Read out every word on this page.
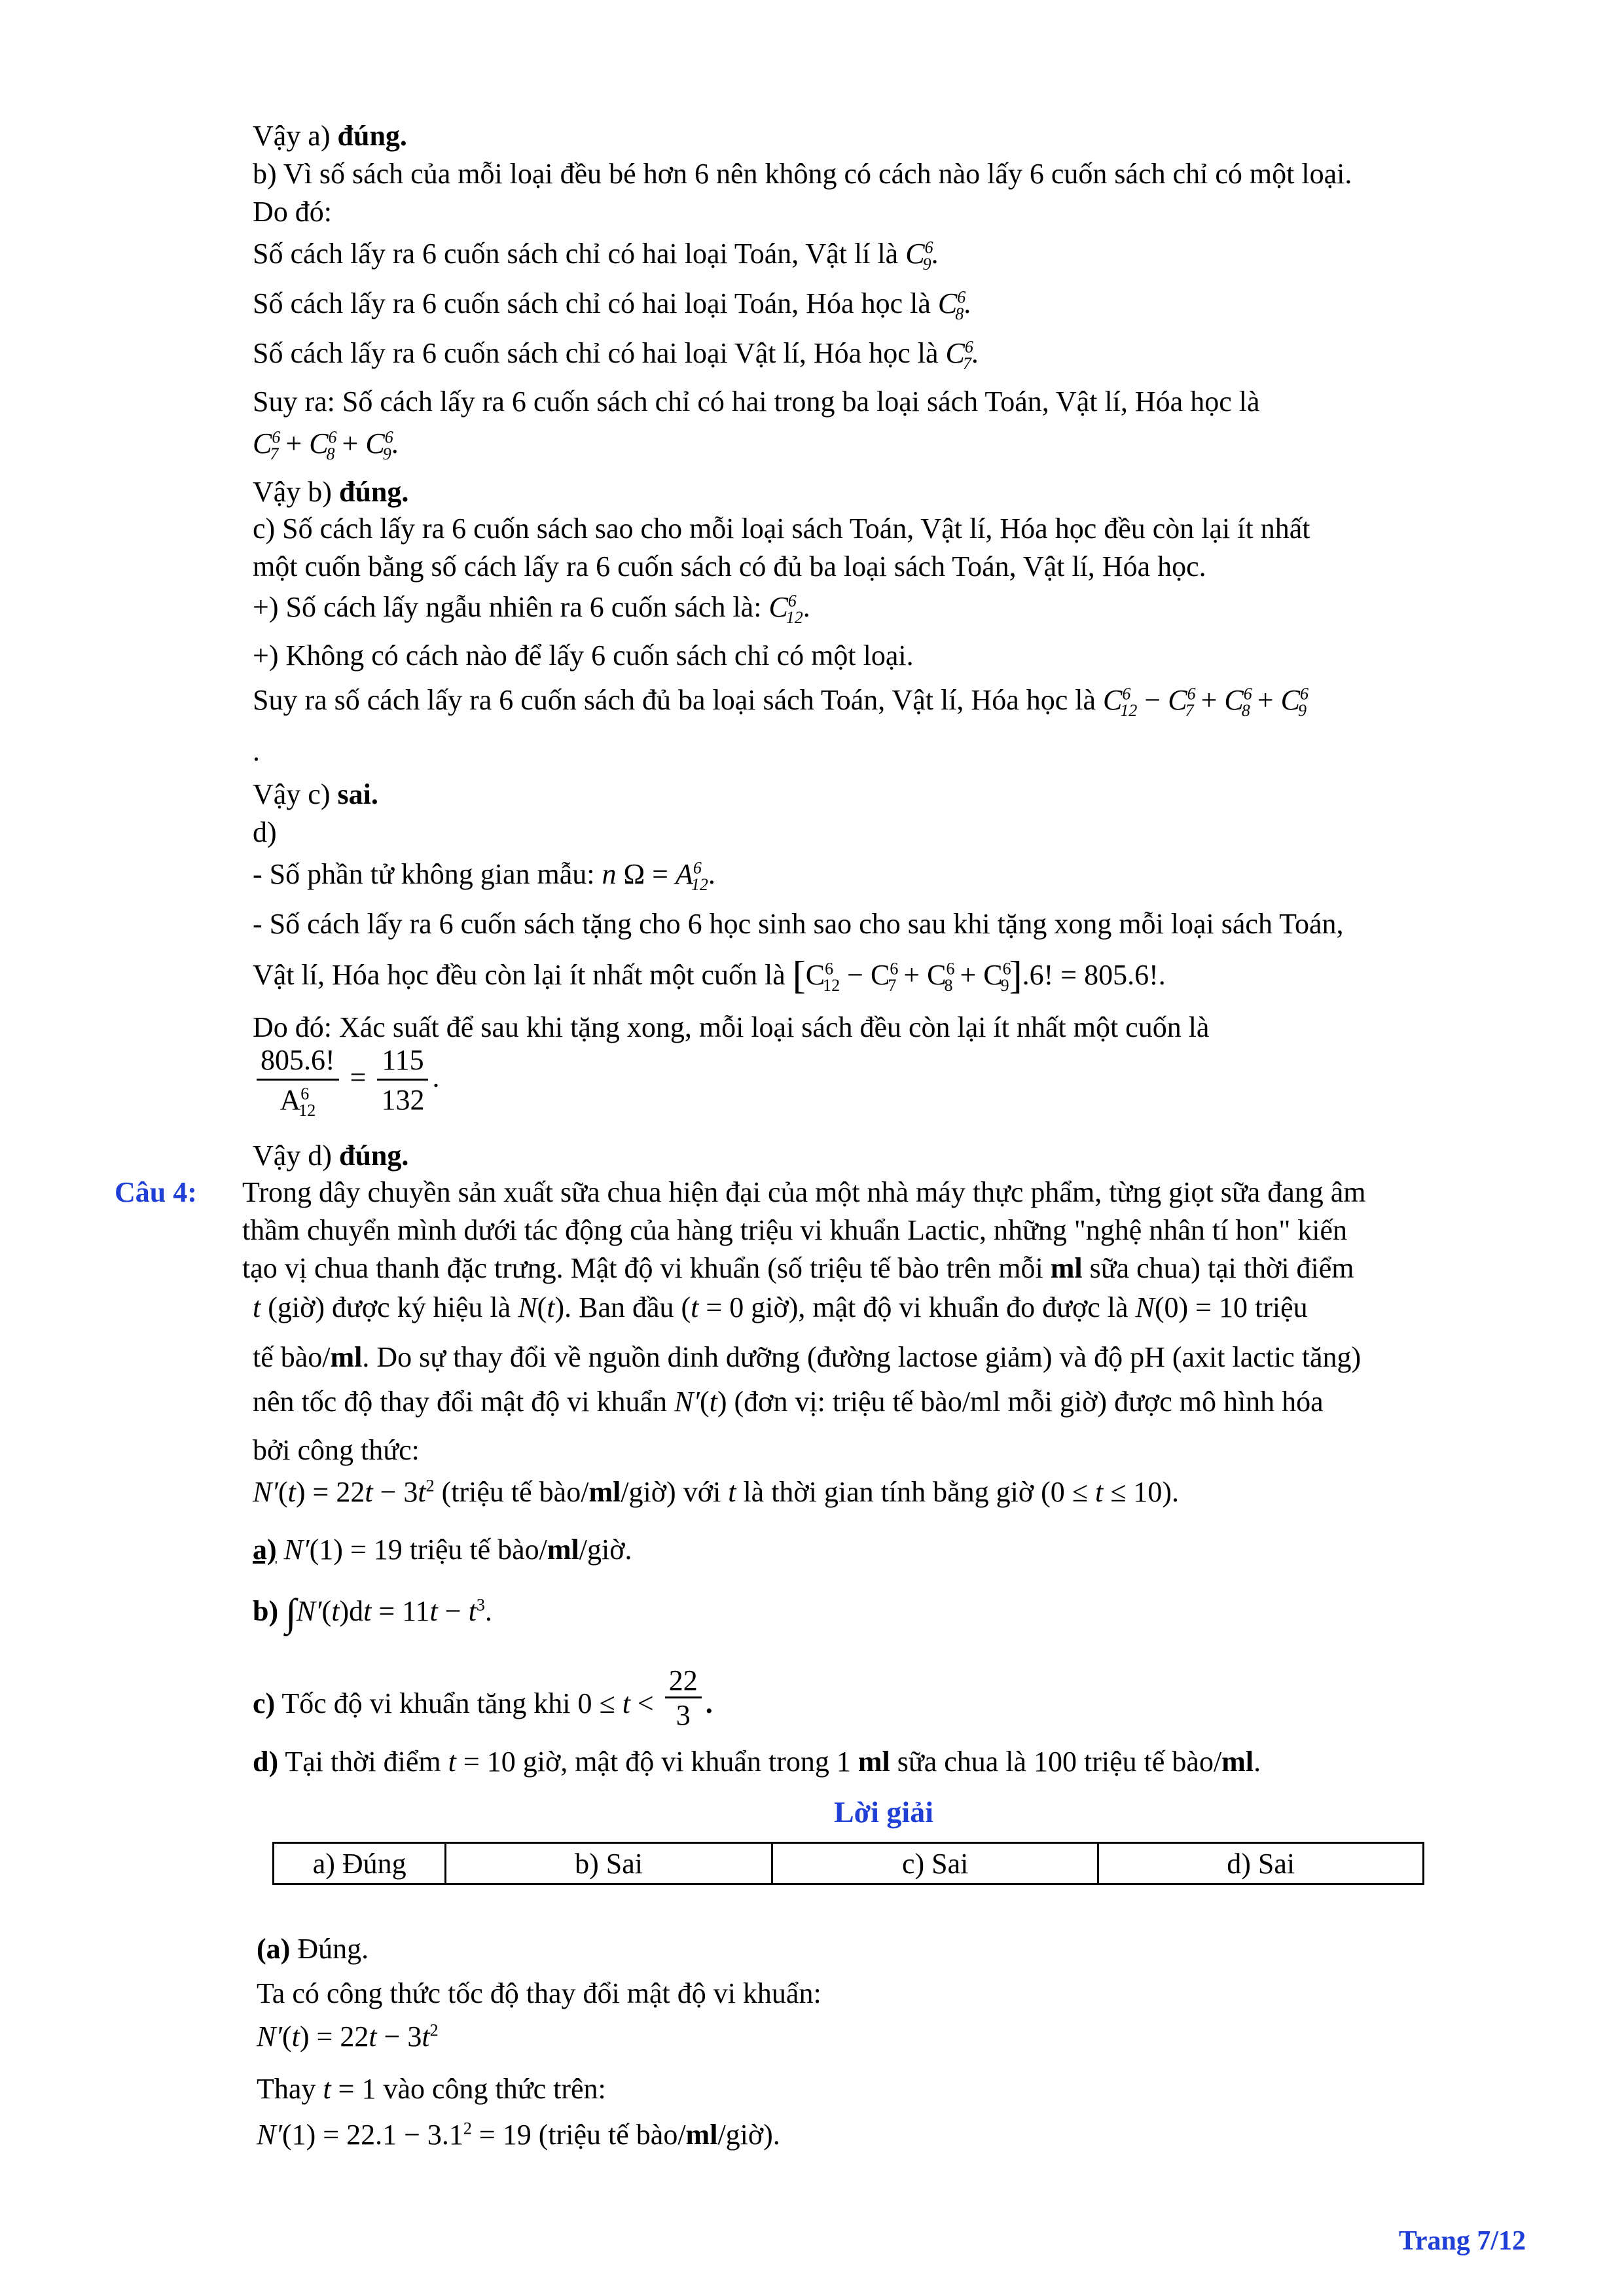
Vậy a) đúng.
b) Vì số sách của mỗi loại đều bé hơn 6 nên không có cách nào lấy 6 cuốn sách chỉ có một loại.
Do đó:
Số cách lấy ra 6 cuốn sách chỉ có hai loại Toán, Vật lí là $C^6_9$.
Số cách lấy ra 6 cuốn sách chỉ có hai loại Toán, Hóa học là $C^6_8$.
Số cách lấy ra 6 cuốn sách chỉ có hai loại Vật lí, Hóa học là $C^6_7$.
Suy ra: Số cách lấy ra 6 cuốn sách chỉ có hai trong ba loại sách Toán, Vật lí, Hóa học là
$C^6_7 + C^6_8 + C^6_9$.
Vậy b) đúng.
c) Số cách lấy ra 6 cuốn sách sao cho mỗi loại sách Toán, Vật lí, Hóa học đều còn lại ít nhất
một cuốn bằng số cách lấy ra 6 cuốn sách có đủ ba loại sách Toán, Vật lí, Hóa học.
+) Số cách lấy ngẫu nhiên ra 6 cuốn sách là: $C^6_{12}$.
+) Không có cách nào để lấy 6 cuốn sách chỉ có một loại.
Suy ra số cách lấy ra 6 cuốn sách đủ ba loại sách Toán, Vật lí, Hóa học là $C^6_{12} - C^6_7 + C^6_8 + C^6_9$
.
Vậy c) sai.
d)
- Số phần tử không gian mẫu: n $\Omega = A^6_{12}$.
- Số cách lấy ra 6 cuốn sách tặng cho 6 học sinh sao cho sau khi tặng xong mỗi loại sách Toán,
Vật lí, Hóa học đều còn lại ít nhất một cuốn là $[C^6_{12} - C^6_7 + C^6_8 + C^6_9].6$! = 805.6!.
Do đó: Xác suất để sau khi tặng xong, mỗi loại sách đều còn lại ít nhất một cuốn là
$\frac{805.6!}{A^6_{12}} = \frac{115}{132}$ .
Vậy d) đúng.
Câu 4: Trong dây chuyền sản xuất sữa chua hiện đại của một nhà máy thực phẩm, từng giọt sữa đang âm
thầm chuyển mình dưới tác động của hàng triệu vi khuẩn Lactic, những "nghệ nhân tí hon" kiến
tạo vị chua thanh đặc trưng. Mật độ vi khuẩn (số triệu tế bào trên mỗi ml sữa chua) tại thời điểm
t (giờ) được ký hiệu là N(t). Ban đầu (t = 0 giờ), mật độ vi khuẩn đo được là N(0) = 10 triệu
tế bào/ml. Do sự thay đổi về nguồn dinh dưỡng (đường lactose giảm) và độ pH (axit lactic tăng)
nên tốc độ thay đổi mật độ vi khuẩn N′(t) (đơn vị: triệu tế bào/ml mỗi giờ) được mô hình hóa
bởi công thức:
$N'(t) = 22t - 3t^2$ (triệu tế bào/ml/giờ) với t là thời gian tính bằng giờ (0 ≤ t ≤ 10).
a) N′(1) = 19 triệu tế bào/ml/giờ.
b) $\int N'(t)dt = 11t - t^3$.
c) Tốc độ vi khuẩn tăng khi $0 \le t < \frac{22}{3}$ .
d) Tại thời điểm t = 10 giờ, mật độ vi khuẩn trong 1 ml sữa chua là 100 triệu tế bào/ml.
Lời giải
a) Đúng	b) Sai	c) Sai	d) Sai
(a) Đúng.
Ta có công thức tốc độ thay đổi mật độ vi khuẩn:
$N'(t) = 22t - 3t^2$
Thay t = 1 vào công thức trên:
$N'(1) = 22.1 - 3.1^2 = 19$ (triệu tế bào/ml/giờ).
Trang 7/12
